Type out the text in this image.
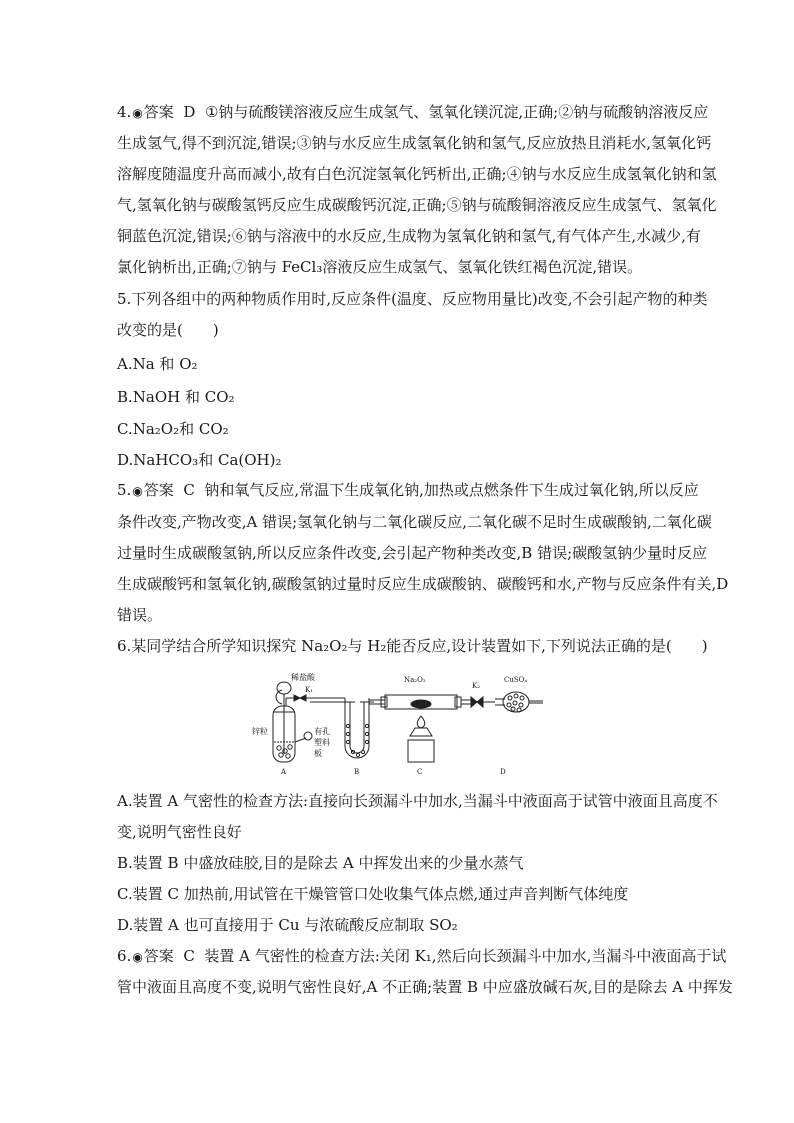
4.◉答案 D ①钠与硫酸镁溶液反应生成氢气、氢氧化镁沉淀,正确;②钠与硫酸钠溶液反应
生成氢气,得不到沉淀,错误;③钠与水反应生成氢氧化钠和氢气,反应放热且消耗水,氢氧化钙
溶解度随温度升高而减小,故有白色沉淀氢氧化钙析出,正确;④钠与水反应生成氢氧化钠和氢
气,氢氧化钠与碳酸氢钙反应生成碳酸钙沉淀,正确;⑤钠与硫酸铜溶液反应生成氢气、氢氧化
铜蓝色沉淀,错误;⑥钠与溶液中的水反应,生成物为氢氧化钠和氢气,有气体产生,水减少,有
氯化钠析出,正确;⑦钠与 FeCl₃溶液反应生成氢气、氢氧化铁红褐色沉淀,错误。
5.下列各组中的两种物质作用时,反应条件(温度、反应物用量比)改变,不会引起产物的种类
改变的是(　　)
A.Na 和 O₂
B.NaOH 和 CO₂
C.Na₂O₂和 CO₂
D.NaHCO₃和 Ca(OH)₂
5.◉答案 C 钠和氧气反应,常温下生成氧化钠,加热或点燃条件下生成过氧化钠,所以反应
条件改变,产物改变,A 错误;氢氧化钠与二氧化碳反应,二氧化碳不足时生成碳酸钠,二氧化碳
过量时生成碳酸氢钠,所以反应条件改变,会引起产物种类改变,B 错误;碳酸氢钠少量时反应
生成碳酸钙和氢氧化钠,碳酸氢钠过量时反应生成碳酸钠、碳酸钙和水,产物与反应条件有关,D
错误。
6.某同学结合所学知识探究 Na₂O₂与 H₂能否反应,设计装置如下,下列说法正确的是(　　)
稀盐酸
K₁
锌粒	有孔
塑料
板
Na₂O₂
K₂
CuSO₄
A	B	C	D
A.装置 A 气密性的检查方法:直接向长颈漏斗中加水,当漏斗中液面高于试管中液面且高度不
变,说明气密性良好
B.装置 B 中盛放硅胶,目的是除去 A 中挥发出来的少量水蒸气
C.装置 C 加热前,用试管在干燥管管口处收集气体点燃,通过声音判断气体纯度
D.装置 A 也可直接用于 Cu 与浓硫酸反应制取 SO₂
6.◉答案 C 装置 A 气密性的检查方法:关闭 K₁,然后向长颈漏斗中加水,当漏斗中液面高于试
管中液面且高度不变,说明气密性良好,A 不正确;装置 B 中应盛放碱石灰,目的是除去 A 中挥发
